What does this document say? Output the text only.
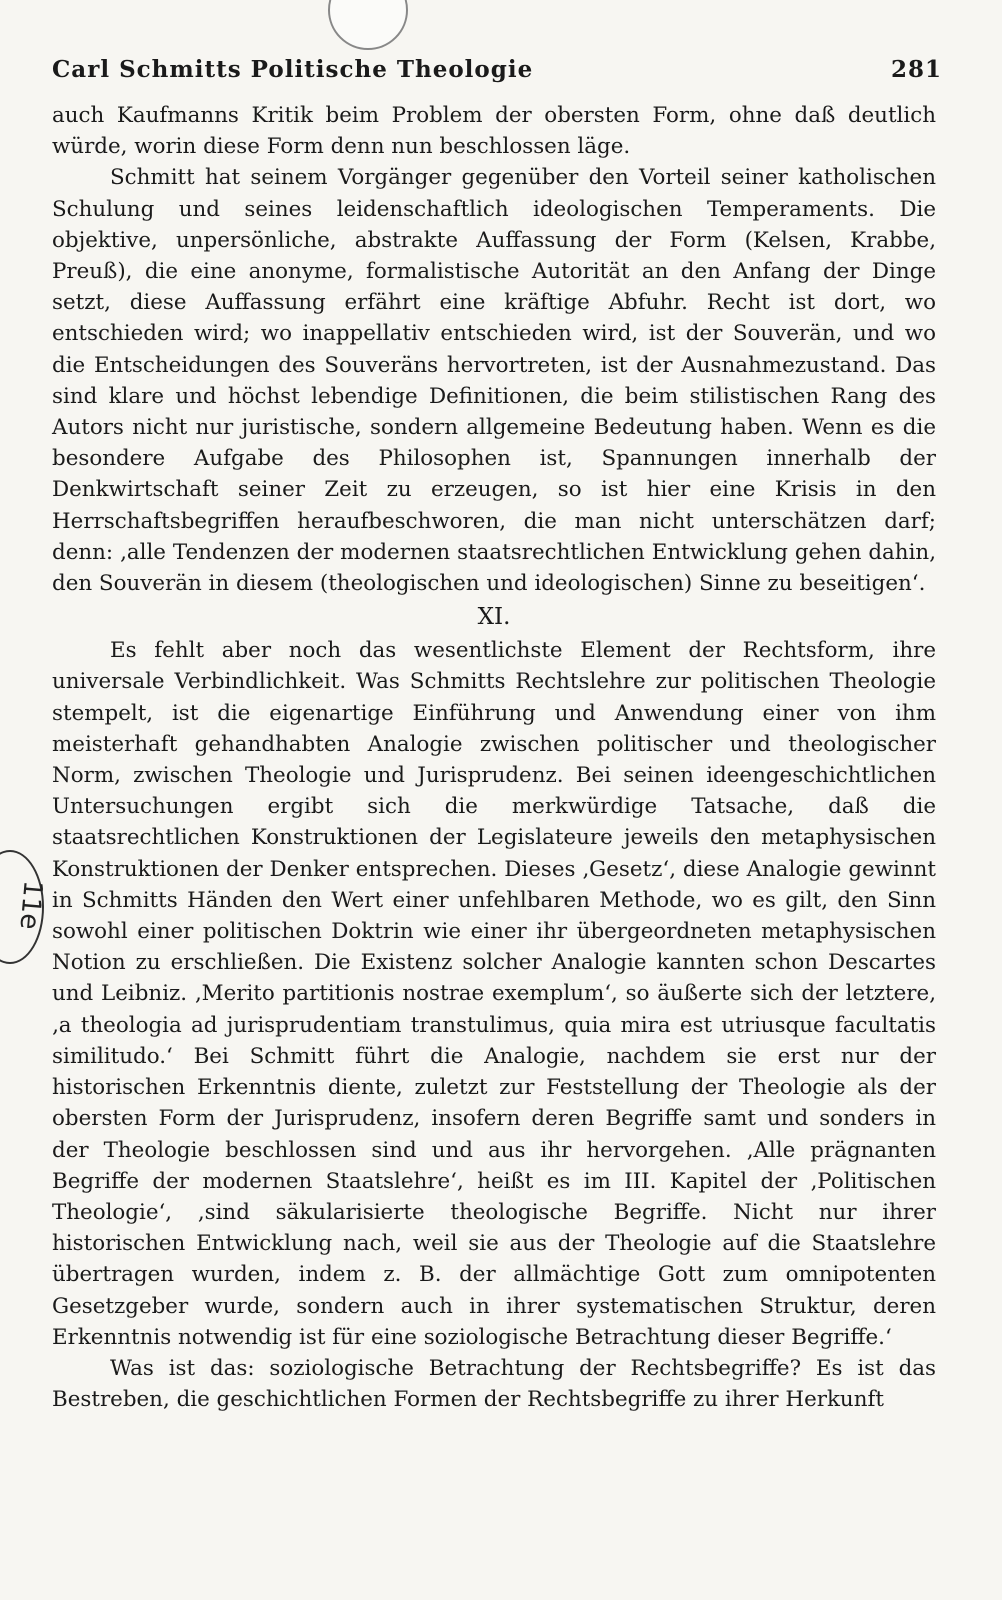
11e
Carl Schmitts Politische Theologie	281

auch Kaufmanns Kritik beim Problem der obersten Form, ohne daß deutlich würde, worin diese Form denn nun beschlossen läge.

Schmitt hat seinem Vorgänger gegenüber den Vorteil seiner katholischen Schulung und seines leidenschaftlich ideologischen Temperaments. Die objektive, unpersönliche, abstrakte Auffassung der Form (Kelsen, Krabbe, Preuß), die eine anonyme, formalistische Autorität an den Anfang der Dinge setzt, diese Auffassung erfährt eine kräftige Abfuhr. Recht ist dort, wo entschieden wird; wo inappellativ entschieden wird, ist der Souverän, und wo die Entscheidungen des Souveräns hervortreten, ist der Ausnahmezustand. Das sind klare und höchst lebendige Definitionen, die beim stilistischen Rang des Autors nicht nur juristische, sondern allgemeine Bedeutung haben. Wenn es die besondere Aufgabe des Philosophen ist, Spannungen innerhalb der Denkwirtschaft seiner Zeit zu erzeugen, so ist hier eine Krisis in den Herrschaftsbegriffen heraufbeschworen, die man nicht unterschätzen darf; denn: ‚alle Tendenzen der modernen staatsrechtlichen Entwicklung gehen dahin, den Souverän in diesem (theologischen und ideologischen) Sinne zu beseitigen‘.

XI.

Es fehlt aber noch das wesentlichste Element der Rechtsform, ihre universale Verbindlichkeit. Was Schmitts Rechtslehre zur politischen Theologie stempelt, ist die eigenartige Einführung und Anwendung einer von ihm meisterhaft gehandhabten Analogie zwischen politischer und theologischer Norm, zwischen Theologie und Jurisprudenz. Bei seinen ideengeschichtlichen Untersuchungen ergibt sich die merkwürdige Tatsache, daß die staatsrechtlichen Konstruktionen der Legislateure jeweils den metaphysischen Konstruktionen der Denker entsprechen. Dieses ‚Gesetz‘, diese Analogie gewinnt in Schmitts Händen den Wert einer unfehlbaren Methode, wo es gilt, den Sinn sowohl einer politischen Doktrin wie einer ihr übergeordneten metaphysischen Notion zu erschließen. Die Existenz solcher Analogie kannten schon Descartes und Leibniz. ‚Merito partitionis nostrae exemplum‘, so äußerte sich der letztere, ‚a theologia ad jurisprudentiam transtulimus, quia mira est utriusque facultatis similitudo.‘ Bei Schmitt führt die Analogie, nachdem sie erst nur der historischen Erkenntnis diente, zuletzt zur Feststellung der Theologie als der obersten Form der Jurisprudenz, insofern deren Begriffe samt und sonders in der Theologie beschlossen sind und aus ihr hervorgehen. ‚Alle prägnanten Begriffe der modernen Staatslehre‘, heißt es im III. Kapitel der ‚Politischen Theologie‘, ‚sind säkularisierte theologische Begriffe. Nicht nur ihrer historischen Entwicklung nach, weil sie aus der Theologie auf die Staatslehre übertragen wurden, indem z. B. der allmächtige Gott zum omnipotenten Gesetzgeber wurde, sondern auch in ihrer systematischen Struktur, deren Erkenntnis notwendig ist für eine soziologische Betrachtung dieser Begriffe.‘

Was ist das: soziologische Betrachtung der Rechtsbegriffe? Es ist das Bestreben, die geschichtlichen Formen der Rechtsbegriffe zu ihrer Herkunft
